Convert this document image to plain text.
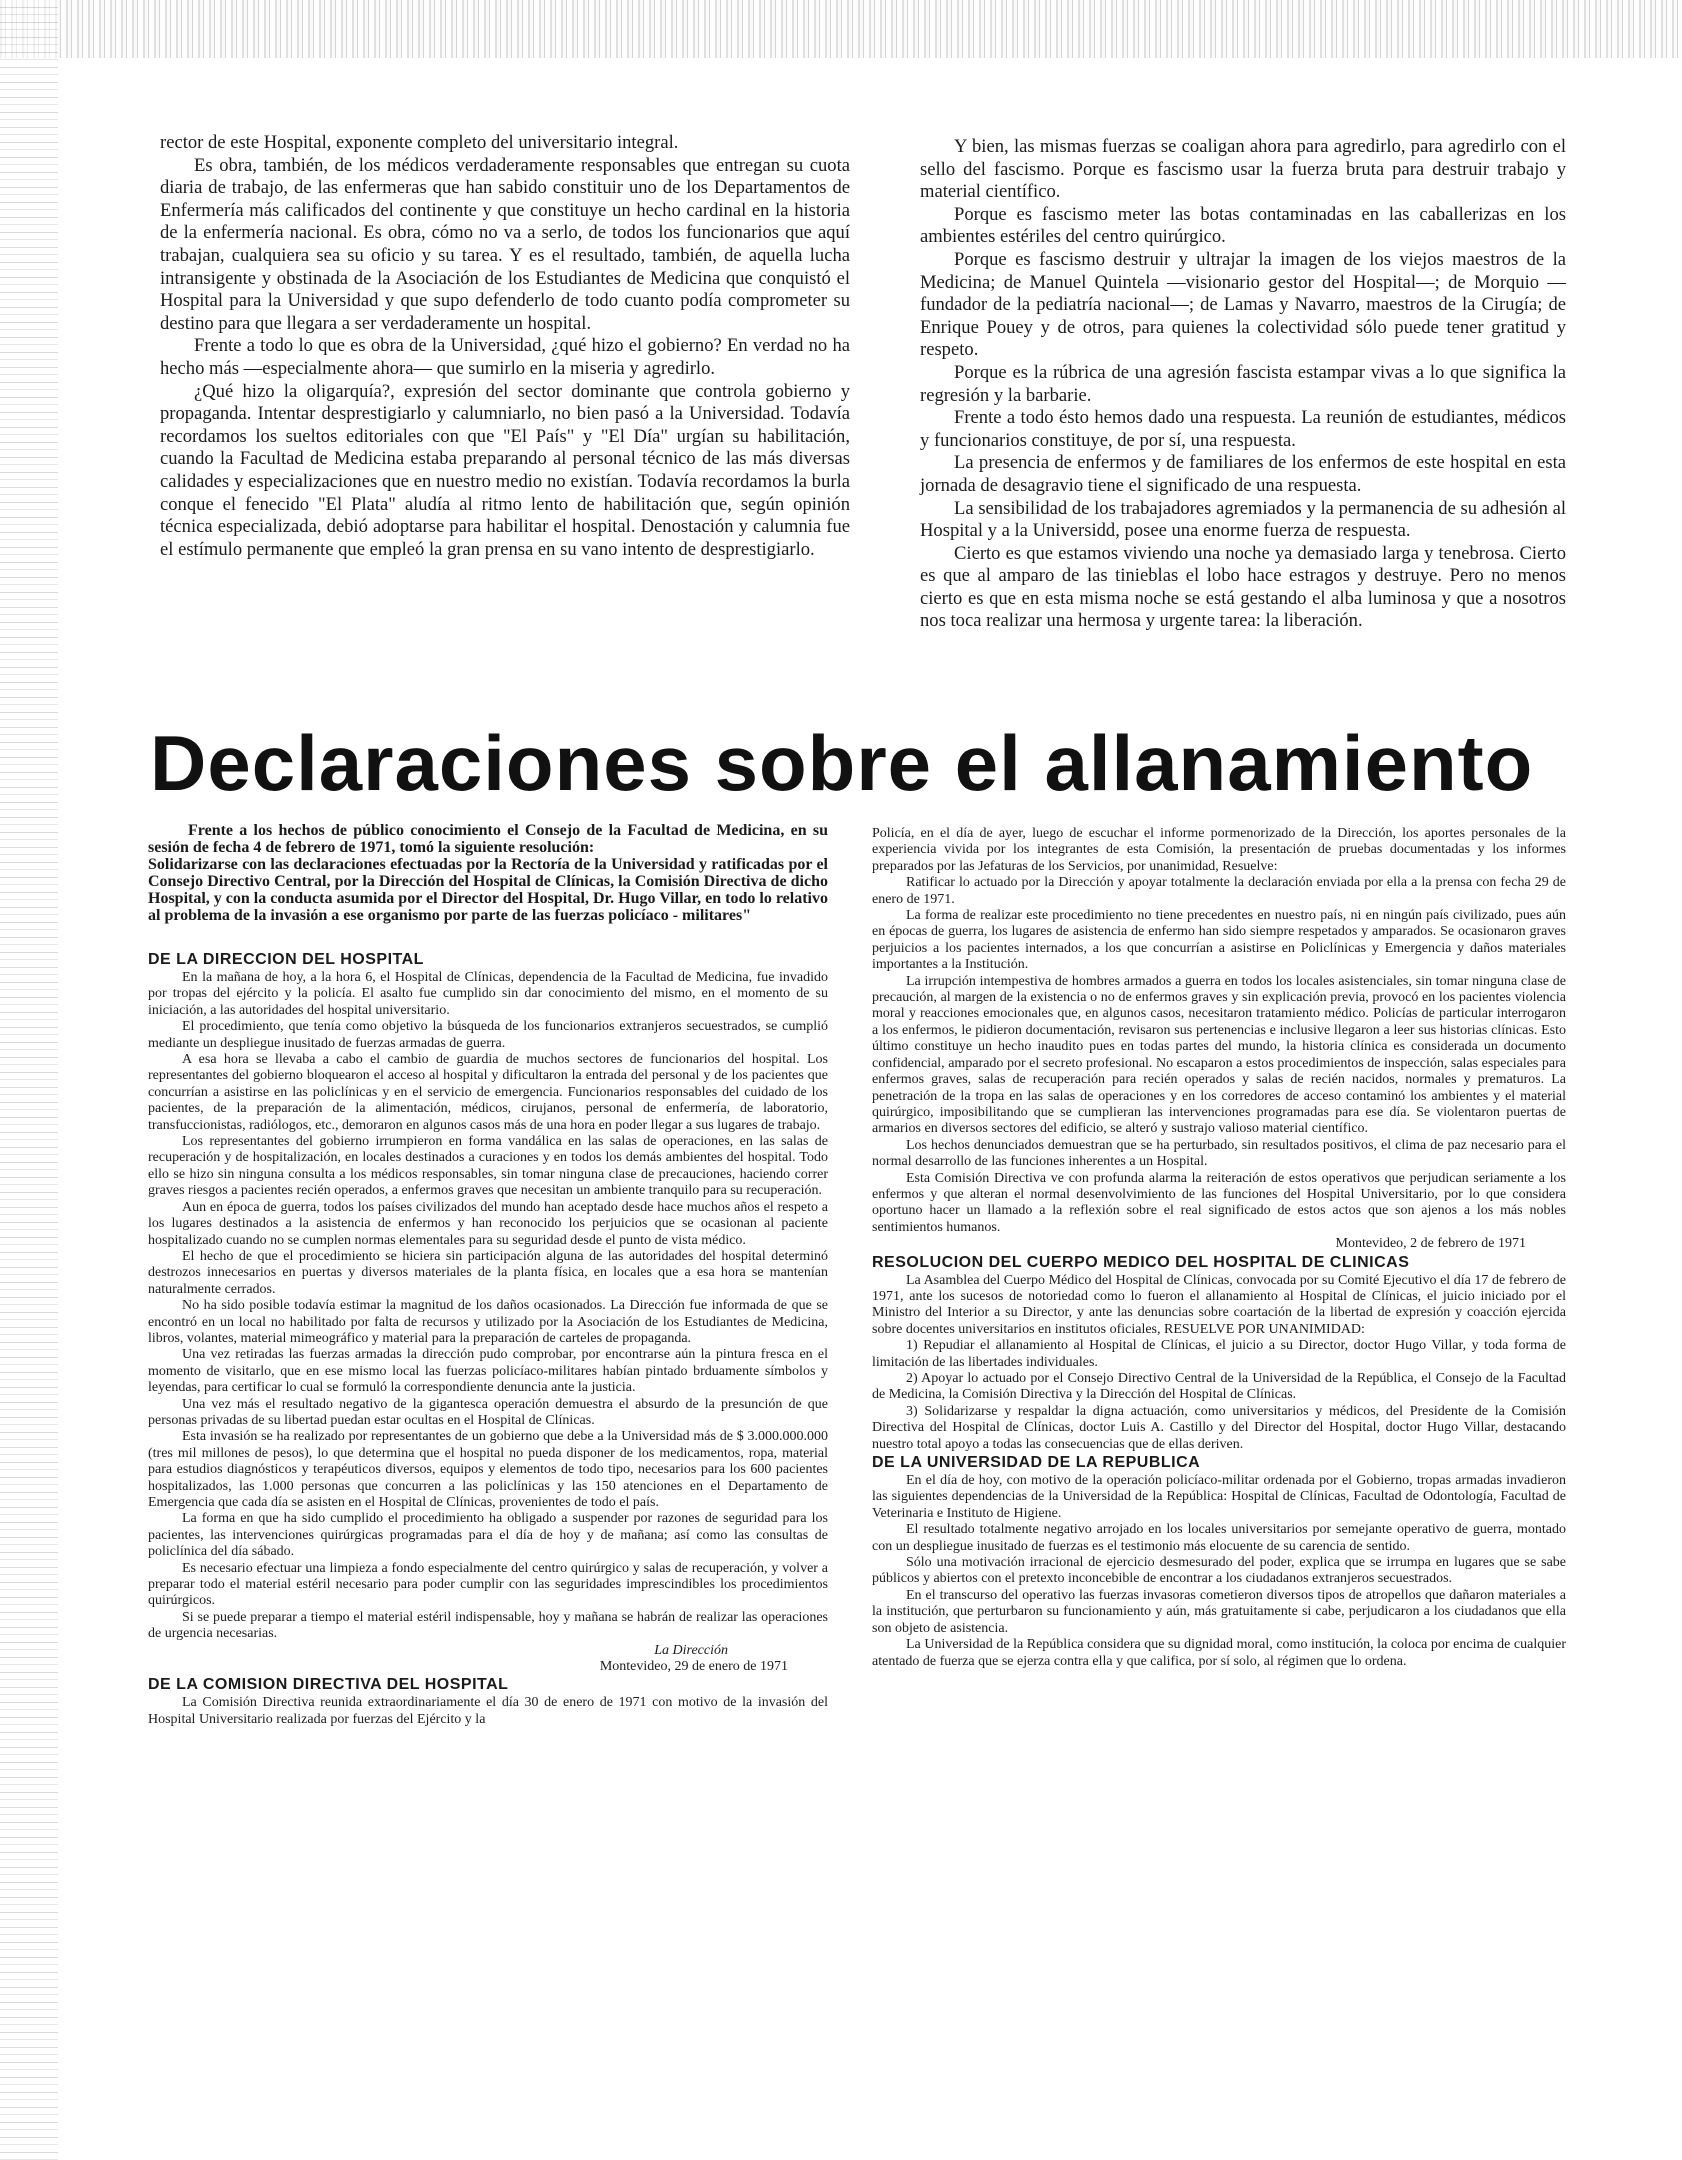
rector de este Hospital, exponente completo del universitario integral.

Es obra, también, de los médicos verdaderamente responsables que entregan su cuota diaria de trabajo, de las enfermeras que han sabido constituir uno de los Departamentos de Enfermería más calificados del continente y que constituye un hecho cardinal en la historia de la enfermería nacional. Es obra, cómo no va a serlo, de todos los funcionarios que aquí trabajan, cualquiera sea su oficio y su tarea. Y es el resultado, también, de aquella lucha intransigente y obstinada de la Asociación de los Estudiantes de Medicina que conquistó el Hospital para la Universidad y que supo defenderlo de todo cuanto podía comprometer su destino para que llegara a ser verdaderamente un hospital.

Frente a todo lo que es obra de la Universidad, ¿qué hizo el gobierno? En verdad no ha hecho más —especialmente ahora— que sumirlo en la miseria y agredirlo.

¿Qué hizo la oligarquía?, expresión del sector dominante que controla gobierno y propaganda. Intentar desprestigiarlo y calumniarlo, no bien pasó a la Universidad. Todavía recordamos los sueltos editoriales con que "El País" y "El Día" urgían su habilitación, cuando la Facultad de Medicina estaba preparando al personal técnico de las más diversas calidades y especializaciones que en nuestro medio no existían. Todavía recordamos la burla conque el fenecido "El Plata" aludía al ritmo lento de habilitación que, según opinión técnica especializada, debió adoptarse para habilitar el hospital. Denostación y calumnia fue el estímulo permanente que empleó la gran prensa en su vano intento de desprestigiarlo.

Y bien, las mismas fuerzas se coaligan ahora para agredirlo, para agredirlo con el sello del fascismo. Porque es fascismo usar la fuerza bruta para destruir trabajo y material científico.

Porque es fascismo meter las botas contaminadas en las caballerizas en los ambientes estériles del centro quirúrgico.

Porque es fascismo destruir y ultrajar la imagen de los viejos maestros de la Medicina; de Manuel Quintela —visionario gestor del Hospital—; de Morquio —fundador de la pediatría nacional—; de Lamas y Navarro, maestros de la Cirugía; de Enrique Pouey y de otros, para quienes la colectividad sólo puede tener gratitud y respeto.

Porque es la rúbrica de una agresión fascista estampar vivas a lo que significa la regresión y la barbarie.

Frente a todo ésto hemos dado una respuesta. La reunión de estudiantes, médicos y funcionarios constituye, de por sí, una respuesta.

La presencia de enfermos y de familiares de los enfermos de este hospital en esta jornada de desagravio tiene el significado de una respuesta.

La sensibilidad de los trabajadores agremiados y la permanencia de su adhesión al Hospital y a la Universidd, posee una enorme fuerza de respuesta.

Cierto es que estamos viviendo una noche ya demasiado larga y tenebrosa. Cierto es que al amparo de las tinieblas el lobo hace estragos y destruye. Pero no menos cierto es que en esta misma noche se está gestando el alba luminosa y que a nosotros nos toca realizar una hermosa y urgente tarea: la liberación.

Declaraciones sobre el allanamiento

Frente a los hechos de público conocimiento el Consejo de la Facultad de Medicina, en su sesión de fecha 4 de febrero de 1971, tomó la siguiente resolución:

Solidarizarse con las declaraciones efectuadas por la Rectoría de la Universidad y ratificadas por el Consejo Directivo Central, por la Dirección del Hospital de Clínicas, la Comisión Directiva de dicho Hospital, y con la conducta asumida por el Director del Hospital, Dr. Hugo Villar, en todo lo relativo al problema de la invasión a ese organismo por parte de las fuerzas policíaco - militares"

DE LA DIRECCION DEL HOSPITAL

En la mañana de hoy, a la hora 6, el Hospital de Clínicas, dependencia de la Facultad de Medicina, fue invadido por tropas del ejército y la policía. El asalto fue cumplido sin dar conocimiento del mismo, en el momento de su iniciación, a las autoridades del hospital universitario.

El procedimiento, que tenía como objetivo la búsqueda de los funcionarios extranjeros secuestrados, se cumplió mediante un despliegue inusitado de fuerzas armadas de guerra.

A esa hora se llevaba a cabo el cambio de guardia de muchos sectores de funcionarios del hospital. Los representantes del gobierno bloquearon el acceso al hospital y dificultaron la entrada del personal y de los pacientes que concurrían a asistirse en las policlínicas y en el servicio de emergencia. Funcionarios responsables del cuidado de los pacientes, de la preparación de la alimentación, médicos, cirujanos, personal de enfermería, de laboratorio, transfuccionistas, radiólogos, etc., demoraron en algunos casos más de una hora en poder llegar a sus lugares de trabajo.

Los representantes del gobierno irrumpieron en forma vandálica en las salas de operaciones, en las salas de recuperación y de hospitalización, en locales destinados a curaciones y en todos los demás ambientes del hospital. Todo ello se hizo sin ninguna consulta a los médicos responsables, sin tomar ninguna clase de precauciones, haciendo correr graves riesgos a pacientes recién operados, a enfermos graves que necesitan un ambiente tranquilo para su recuperación.

Aun en época de guerra, todos los países civilizados del mundo han aceptado desde hace muchos años el respeto a los lugares destinados a la asistencia de enfermos y han reconocido los perjuicios que se ocasionan al paciente hospitalizado cuando no se cumplen normas elementales para su seguridad desde el punto de vista médico.

El hecho de que el procedimiento se hiciera sin participación alguna de las autoridades del hospital determinó destrozos innecesarios en puertas y diversos materiales de la planta física, en locales que a esa hora se mantenían naturalmente cerrados.

No ha sido posible todavía estimar la magnitud de los daños ocasionados. La Dirección fue informada de que se encontró en un local no habilitado por falta de recursos y utilizado por la Asociación de los Estudiantes de Medicina, libros, volantes, material mimeográfico y material para la preparación de carteles de propaganda.

Una vez retiradas las fuerzas armadas la dirección pudo comprobar, por encontrarse aún la pintura fresca en el momento de visitarlo, que en ese mismo local las fuerzas policíaco-militares habían pintado brduamente símbolos y leyendas, para certificar lo cual se formuló la correspondiente denuncia ante la justicia.

Una vez más el resultado negativo de la gigantesca operación demuestra el absurdo de la presunción de que personas privadas de su libertad puedan estar ocultas en el Hospital de Clínicas.

Esta invasión se ha realizado por representantes de un gobierno que debe a la Universidad más de $ 3.000.000.000 (tres mil millones de pesos), lo que determina que el hospital no pueda disponer de los medicamentos, ropa, material para estudios diagnósticos y terapéuticos diversos, equipos y elementos de todo tipo, necesarios para los 600 pacientes hospitalizados, las 1.000 personas que concurren a las policlínicas y las 150 atenciones en el Departamento de Emergencia que cada día se asisten en el Hospital de Clínicas, provenientes de todo el país.

La forma en que ha sido cumplido el procedimiento ha obligado a suspender por razones de seguridad para los pacientes, las intervenciones quirúrgicas programadas para el día de hoy y de mañana; así como las consultas de policlínica del día sábado.

Es necesario efectuar una limpieza a fondo especialmente del centro quirúrgico y salas de recuperación, y volver a preparar todo el material estéril necesario para poder cumplir con las seguridades imprescindibles los procedimientos quirúrgicos.

Si se puede preparar a tiempo el material estéril indispensable, hoy y mañana se habrán de realizar las operaciones de urgencia necesarias.

La Dirección

Montevideo, 29 de enero de 1971

DE LA COMISION DIRECTIVA DEL HOSPITAL

La Comisión Directiva reunida extraordinariamente el día 30 de enero de 1971 con motivo de la invasión del Hospital Universitario realizada por fuerzas del Ejército y la

Policía, en el día de ayer, luego de escuchar el informe pormenorizado de la Dirección, los aportes personales de la experiencia vivida por los integrantes de esta Comisión, la presentación de pruebas documentadas y los informes preparados por las Jefaturas de los Servicios, por unanimidad, Resuelve:

Ratificar lo actuado por la Dirección y apoyar totalmente la declaración enviada por ella a la prensa con fecha 29 de enero de 1971.

La forma de realizar este procedimiento no tiene precedentes en nuestro país, ni en ningún país civilizado, pues aún en épocas de guerra, los lugares de asistencia de enfermo han sido siempre respetados y amparados. Se ocasionaron graves perjuicios a los pacientes internados, a los que concurrían a asistirse en Policlínicas y Emergencia y daños materiales importantes a la Institución.

La irrupción intempestiva de hombres armados a guerra en todos los locales asistenciales, sin tomar ninguna clase de precaución, al margen de la existencia o no de enfermos graves y sin explicación previa, provocó en los pacientes violencia moral y reacciones emocionales que, en algunos casos, necesitaron tratamiento médico. Policías de particular interrogaron a los enfermos, le pidieron documentación, revisaron sus pertenencias e inclusive llegaron a leer sus historias clínicas. Esto último constituye un hecho inaudito pues en todas partes del mundo, la historia clínica es considerada un documento confidencial, amparado por el secreto profesional. No escaparon a estos procedimientos de inspección, salas especiales para enfermos graves, salas de recuperación para recién operados y salas de recién nacidos, normales y prematuros. La penetración de la tropa en las salas de operaciones y en los corredores de acceso contaminó los ambientes y el material quirúrgico, imposibilitando que se cumplieran las intervenciones programadas para ese día. Se violentaron puertas de armarios en diversos sectores del edificio, se alteró y sustrajo valioso material científico.

Los hechos denunciados demuestran que se ha perturbado, sin resultados positivos, el clima de paz necesario para el normal desarrollo de las funciones inherentes a un Hospital.

Esta Comisión Directiva ve con profunda alarma la reiteración de estos operativos que perjudican seriamente a los enfermos y que alteran el normal desenvolvimiento de las funciones del Hospital Universitario, por lo que considera oportuno hacer un llamado a la reflexión sobre el real significado de estos actos que son ajenos a los más nobles sentimientos humanos.

Montevideo, 2 de febrero de 1971

RESOLUCION DEL CUERPO MEDICO DEL HOSPITAL DE CLINICAS

La Asamblea del Cuerpo Médico del Hospital de Clínicas, convocada por su Comité Ejecutivo el día 17 de febrero de 1971, ante los sucesos de notoriedad como lo fueron el allanamiento al Hospital de Clínicas, el juicio iniciado por el Ministro del Interior a su Director, y ante las denuncias sobre coartación de la libertad de expresión y coacción ejercida sobre docentes universitarios en institutos oficiales, RESUELVE POR UNANIMIDAD:

1) Repudiar el allanamiento al Hospital de Clínicas, el juicio a su Director, doctor Hugo Villar, y toda forma de limitación de las libertades individuales.

2) Apoyar lo actuado por el Consejo Directivo Central de la Universidad de la República, el Consejo de la Facultad de Medicina, la Comisión Directiva y la Dirección del Hospital de Clínicas.

3) Solidarizarse y respaldar la digna actuación, como universitarios y médicos, del Presidente de la Comisión Directiva del Hospital de Clínicas, doctor Luis A. Castillo y del Director del Hospital, doctor Hugo Villar, destacando nuestro total apoyo a todas las consecuencias que de ellas deriven.

DE LA UNIVERSIDAD DE LA REPUBLICA

En el día de hoy, con motivo de la operación policíaco-militar ordenada por el Gobierno, tropas armadas invadieron las siguientes dependencias de la Universidad de la República: Hospital de Clínicas, Facultad de Odontología, Facultad de Veterinaria e Instituto de Higiene.

El resultado totalmente negativo arrojado en los locales universitarios por semejante operativo de guerra, montado con un despliegue inusitado de fuerzas es el testimonio más elocuente de su carencia de sentido.

Sólo una motivación irracional de ejercicio desmesurado del poder, explica que se irrumpa en lugares que se sabe públicos y abiertos con el pretexto inconcebible de encontrar a los ciudadanos extranjeros secuestrados.

En el transcurso del operativo las fuerzas invasoras cometieron diversos tipos de atropellos que dañaron materiales a la institución, que perturbaron su funcionamiento y aún, más gratuitamente si cabe, perjudicaron a los ciudadanos que ella son objeto de asistencia.

La Universidad de la República considera que su dignidad moral, como institución, la coloca por encima de cualquier atentado de fuerza que se ejerza contra ella y que califica, por sí solo, al régimen que lo ordena.
